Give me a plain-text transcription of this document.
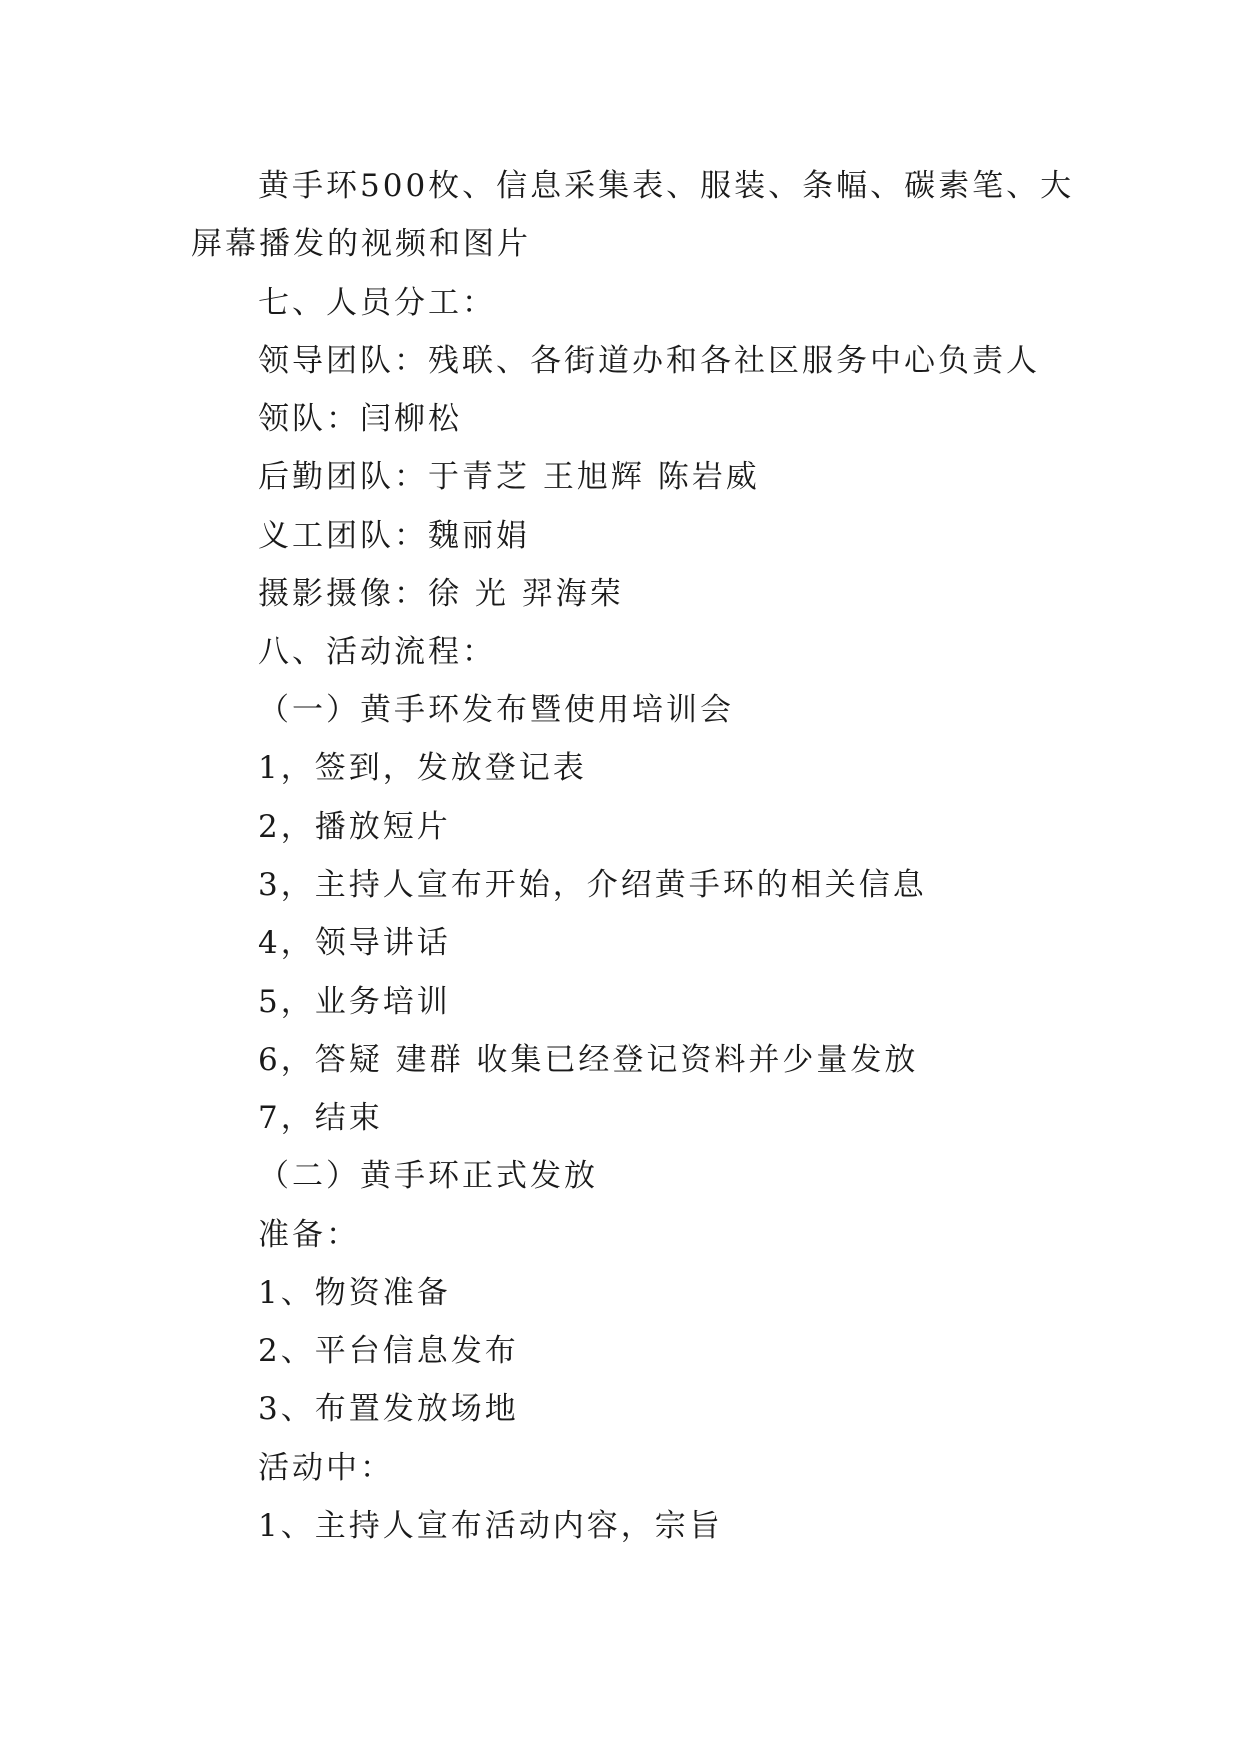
黄手环500枚、信息采集表、服装、条幅、碳素笔、大
屏幕播发的视频和图片
七、人员分工：
领导团队：残联、各街道办和各社区服务中心负责人
领队：闫柳松
后勤团队：于青芝 王旭辉 陈岩威
义工团队：魏丽娟
摄影摄像：徐 光 羿海荣
八、活动流程：
（一）黄手环发布暨使用培训会
1，签到，发放登记表
2，播放短片
3，主持人宣布开始，介绍黄手环的相关信息
4，领导讲话
5，业务培训
6，答疑 建群 收集已经登记资料并少量发放
7，结束
（二）黄手环正式发放
准备：
1、物资准备
2、平台信息发布
3、布置发放场地
活动中：
1、主持人宣布活动内容，宗旨
